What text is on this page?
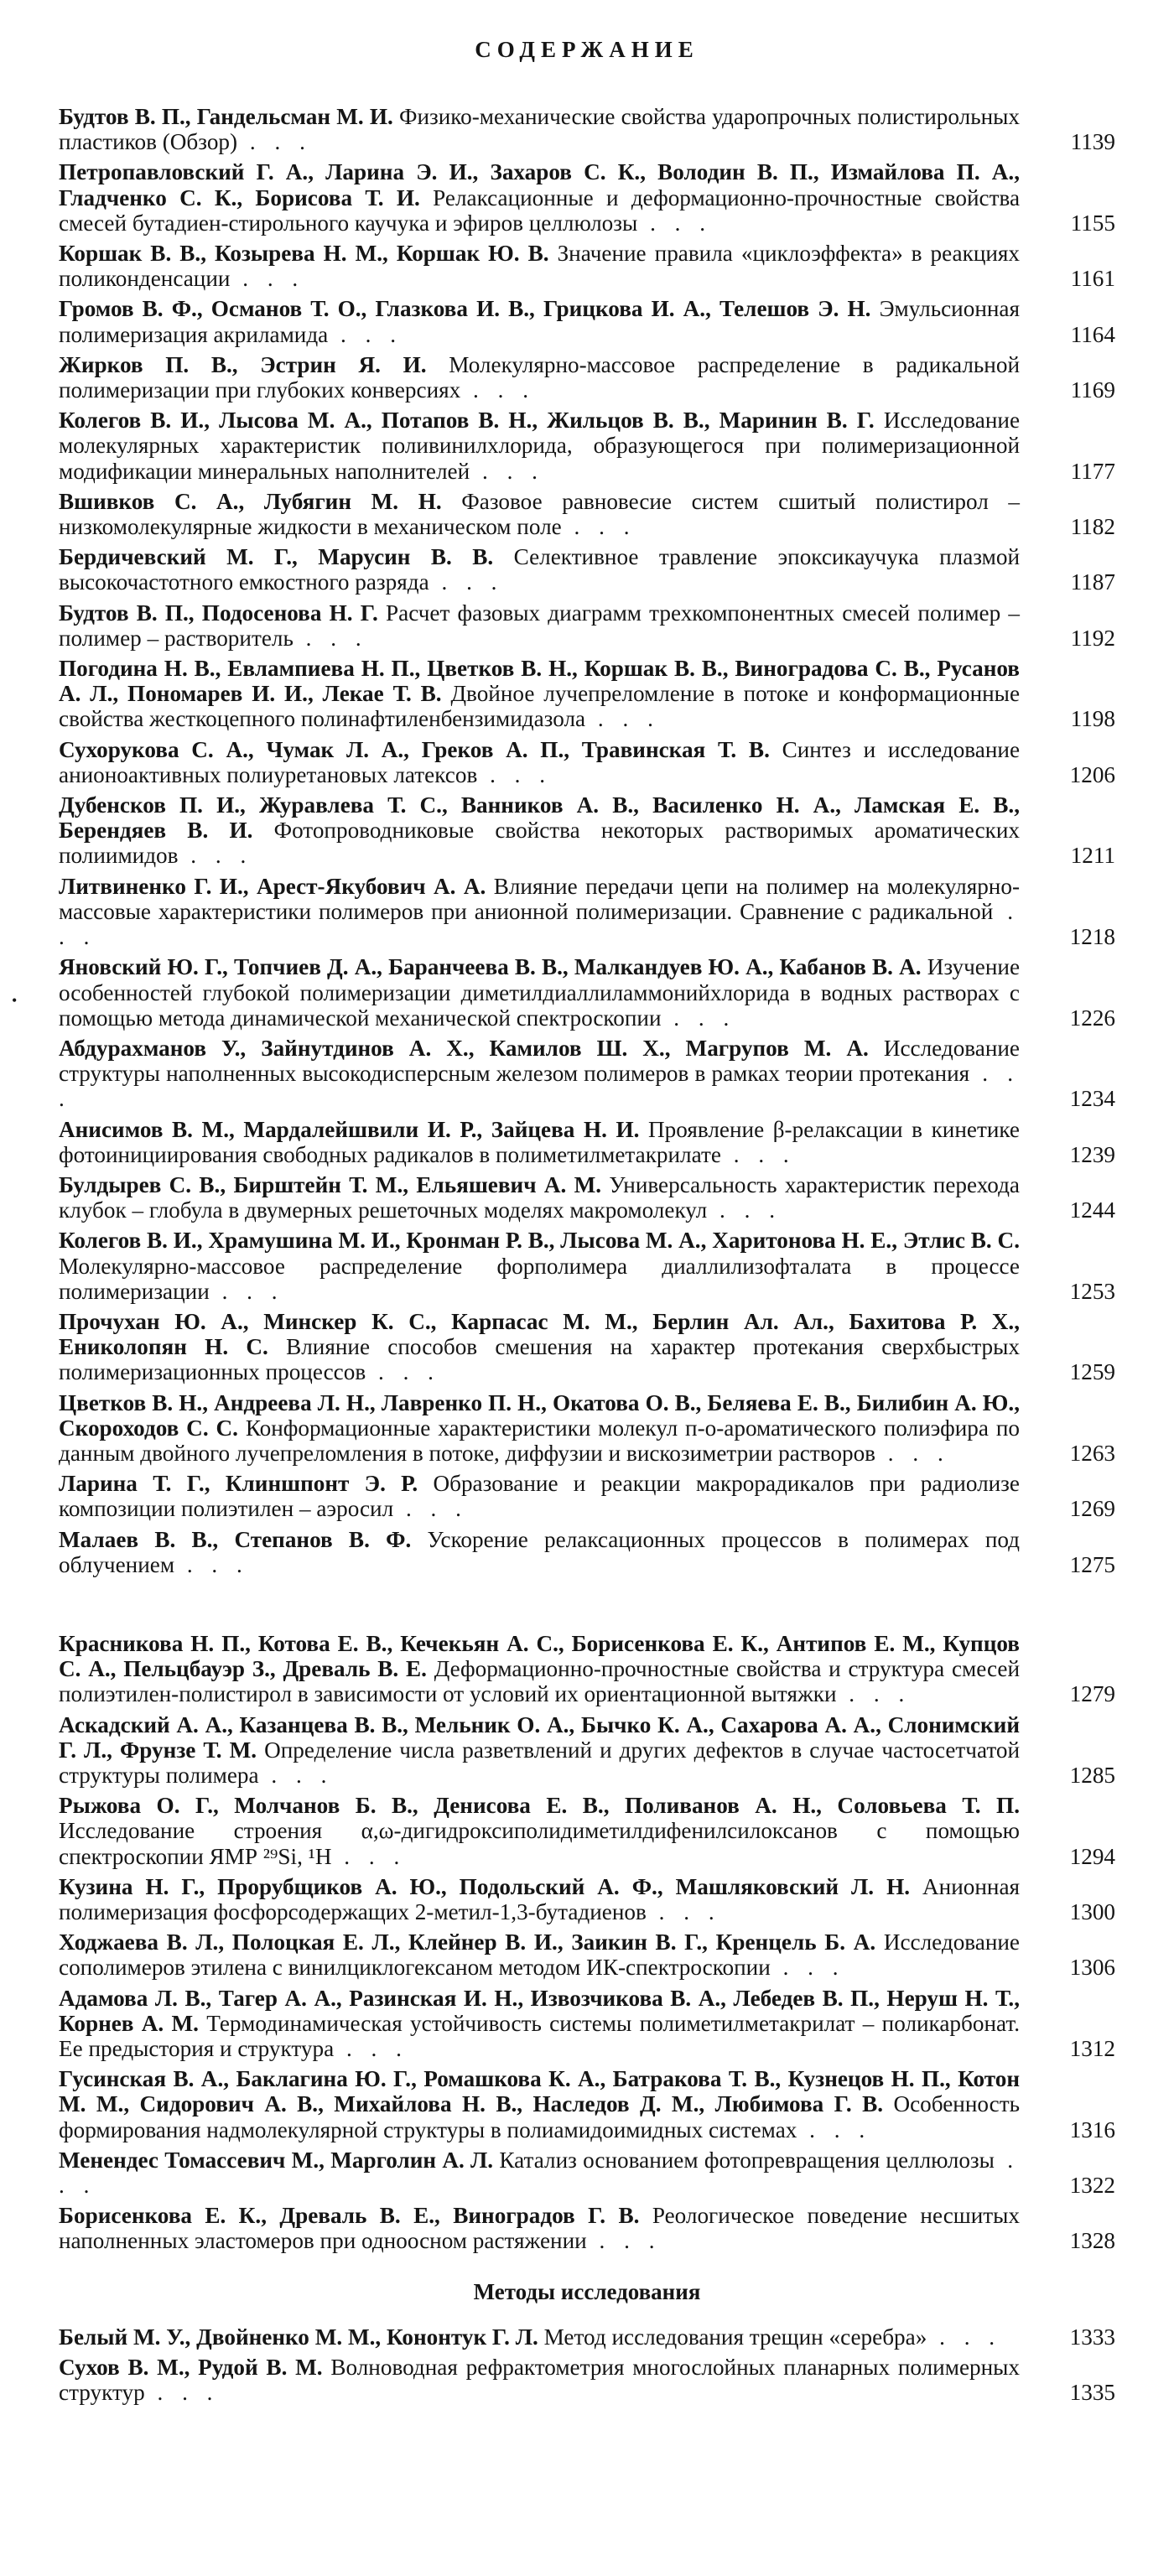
СОДЕРЖАНИЕ
•
Будтов В. П., Гандельсман М. И. Физико-механические свойства ударопрочных полистирольных пластиков (Обзор) . . .	1139
Петропавловский Г. А., Ларина Э. И., Захаров С. К., Володин В. П., Измайлова П. А., Гладченко С. К., Борисова Т. И. Релаксационные и деформационно-прочностные свойства смесей бутадиен-стирольного каучука и эфиров целлюлозы . . .	1155
Коршак В. В., Козырева Н. М., Коршак Ю. В. Значение правила «циклоэффекта» в реакциях поликонденсации . . .	1161
Громов В. Ф., Османов Т. О., Глазкова И. В., Грицкова И. А., Телешов Э. Н. Эмульсионная полимеризация акриламида . . .	1164
Жирков П. В., Эстрин Я. И. Молекулярно-массовое распределение в радикальной полимеризации при глубоких конверсиях . . .	1169
Колегов В. И., Лысова М. А., Потапов В. Н., Жильцов В. В., Маринин В. Г. Исследование молекулярных характеристик поливинилхлорида, образующегося при полимеризационной модификации минеральных наполнителей . . .	1177
Вшивков С. А., Лубягин М. Н. Фазовое равновесие систем сшитый полистирол – низкомолекулярные жидкости в механическом поле . . .	1182
Бердичевский М. Г., Марусин В. В. Селективное травление эпоксикаучука плазмой высокочастотного емкостного разряда . . .	1187
Будтов В. П., Подосенова Н. Г. Расчет фазовых диаграмм трехкомпонентных смесей полимер – полимер – растворитель . . .	1192
Погодина Н. В., Евлампиева Н. П., Цветков В. Н., Коршак В. В., Виноградова С. В., Русанов А. Л., Пономарев И. И., Лекае Т. В. Двойное лучепреломление в потоке и конформационные свойства жесткоцепного полинафтиленбензимидазола . . .	1198
Сухорукова С. А., Чумак Л. А., Греков А. П., Травинская Т. В. Синтез и исследование анионоактивных полиуретановых латексов . . .	1206
Дубенсков П. И., Журавлева Т. С., Ванников А. В., Василенко Н. А., Ламская Е. В., Берендяев В. И. Фотопроводниковые свойства некоторых растворимых ароматических полиимидов . . .	1211
Литвиненко Г. И., Арест-Якубович А. А. Влияние передачи цепи на полимер на молекулярно-массовые характеристики полимеров при анионной полимеризации. Сравнение с радикальной . . .	1218
Яновский Ю. Г., Топчиев Д. А., Баранчеева В. В., Малкандуев Ю. А., Кабанов В. А. Изучение особенностей глубокой полимеризации диметилдиаллиламмонийхлорида в водных растворах с помощью метода динамической механической спектроскопии . . .	1226
Абдурахманов У., Зайнутдинов А. Х., Камилов Ш. Х., Магрупов М. А. Исследование структуры наполненных высокодисперсным железом полимеров в рамках теории протекания . . .	1234
Анисимов В. М., Мардалейшвили И. Р., Зайцева Н. И. Проявление β-релаксации в кинетике фотоинициирования свободных радикалов в полиметилметакрилате . . .	1239
Булдырев С. В., Бирштейн Т. М., Ельяшевич А. М. Универсальность характеристик перехода клубок – глобула в двумерных решеточных моделях макромолекул . . .	1244
Колегов В. И., Храмушина М. И., Кронман Р. В., Лысова М. А., Харитонова Н. Е., Этлис В. С. Молекулярно-массовое распределение форполимера диаллилизофталата в процессе полимеризации . . .	1253
Прочухан Ю. А., Минскер К. С., Карпасас М. М., Берлин Ал. Ал., Бахитова Р. Х., Ениколопян Н. С. Влияние способов смешения на характер протекания сверхбыстрых полимеризационных процессов . . .	1259
Цветков В. Н., Андреева Л. Н., Лавренко П. Н., Окатова О. В., Беляева Е. В., Билибин А. Ю., Скороходов С. С. Конформационные характеристики молекул п-о-ароматического полиэфира по данным двойного лучепреломления в потоке, диффузии и вискозиметрии растворов . . .	1263
Ларина Т. Г., Клиншпонт Э. Р. Образование и реакции макрорадикалов при радиолизе композиции полиэтилен – аэросил . . .	1269
Малаев В. В., Степанов В. Ф. Ускорение релаксационных процессов в полимерах под облучением . . .	1275
Красникова Н. П., Котова Е. В., Кечекьян А. С., Борисенкова Е. К., Антипов Е. М., Купцов С. А., Пельцбауэр З., Древаль В. Е. Деформационно-прочностные свойства и структура смесей полиэтилен-полистирол в зависимости от условий их ориентационной вытяжки . . .	1279
Аскадский А. А., Казанцева В. В., Мельник О. А., Бычко К. А., Сахарова А. А., Слонимский Г. Л., Фрунзе Т. М. Определение числа разветвлений и других дефектов в случае частосетчатой структуры полимера . . .	1285
Рыжова О. Г., Молчанов Б. В., Денисова Е. В., Поливанов А. Н., Соловьева Т. П. Исследование строения α,ω-дигидроксиполидиметилдифенилсилоксанов с помощью спектроскопии ЯМР ²⁹Si, ¹H . . .	1294
Кузина Н. Г., Прорубщиков А. Ю., Подольский А. Ф., Машляковский Л. Н. Анионная полимеризация фосфорсодержащих 2-метил-1,3-бутадиенов . . .	1300
Ходжаева В. Л., Полоцкая Е. Л., Клейнер В. И., Заикин В. Г., Кренцель Б. А. Исследование сополимеров этилена с винилциклогексаном методом ИК-спектроскопии . . .	1306
Адамова Л. В., Тагер А. А., Разинская И. Н., Извозчикова В. А., Лебедев В. П., Неруш Н. Т., Корнев А. М. Термодинамическая устойчивость системы полиметилметакрилат – поликарбонат. Ее предыстория и структура . . .	1312
Гусинская В. А., Баклагина Ю. Г., Ромашкова К. А., Батракова Т. В., Кузнецов Н. П., Котон М. М., Сидорович А. В., Михайлова Н. В., Наследов Д. М., Любимова Г. В. Особенность формирования надмолекулярной структуры в полиамидоимидных системах . . .	1316
Менендес Томассевич М., Марголин А. Л. Катализ основанием фотопревращения целлюлозы . . .	1322
Борисенкова Е. К., Древаль В. Е., Виноградов Г. В. Реологическое поведение несшитых наполненных эластомеров при одноосном растяжении . . .	1328
Методы исследования
Белый М. У., Двойненко М. М., Кононтук Г. Л. Метод исследования трещин «серебра» . . .	1333
Сухов В. М., Рудой В. М. Волноводная рефрактометрия многослойных планарных полимерных структур . . .	1335
